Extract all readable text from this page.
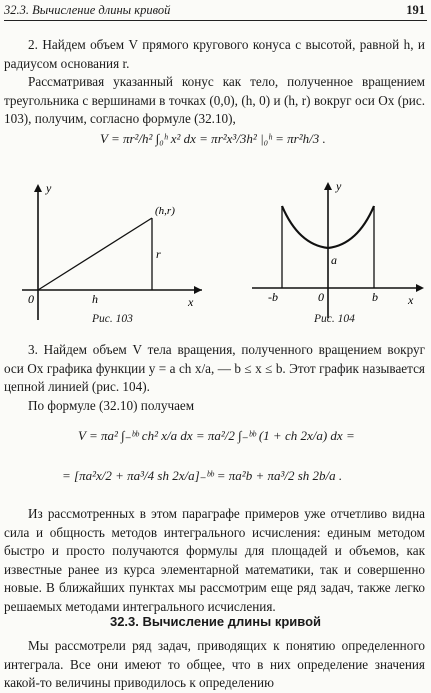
32.3. Вычисление длины кривой	191
2. Найдем объем V прямого кругового конуса с высотой, равной h, и радиусом основания r.
Рассматривая указанный конус как тело, полученное вращением треугольника с вершинами в точках (0,0), (h, 0) и (h, r) вокруг оси Ox (рис. 103), получим, согласно формуле (32.10),
V = πr²/h² ∫₀ʰ x² dx = πr²x³/3h² |₀ʰ = πr²h/3 .
y
x
0
(h,r)
r
h
Рис. 103
y
x
0
-b	b
a
Рис. 104
3. Найдем объем V тела вращения, полученного вращением вокруг оси Ox графика функции y = a ch x/a, — b ≤ x ≤ b. Этот график называется цепной линией (рис. 104).
По формуле (32.10) получаем
V = πa² ∫₋ᵇᵇ ch² x/a dx = πa²/2 ∫₋ᵇᵇ (1 + ch 2x/a) dx =
= [πa²x/2 + πa³/4 sh 2x/a]₋ᵇᵇ = πa²b + πa³/2 sh 2b/a .
Из рассмотренных в этом параграфе примеров уже отчетливо видна сила и общность методов интегрального исчисления: единым методом быстро и просто получаются формулы для площадей и объемов, как известные ранее из курса элементарной математики, так и совершенно новые. В ближайших пунктах мы рассмотрим еще ряд задач, также легко решаемых методами интегрального исчисления.
32.3. Вычисление длины кривой
Мы рассмотрели ряд задач, приводящих к понятию определенного интеграла. Все они имеют то общее, что в них определение значения какой-то величины приводилось к определению
